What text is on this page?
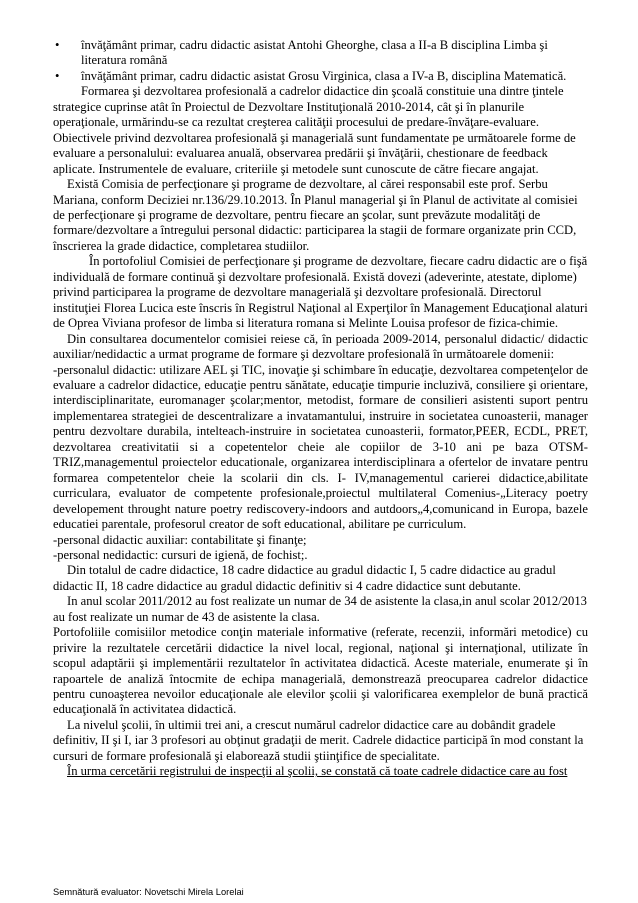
• învăţământ primar, cadru didactic asistat Antohi Gheorghe, clasa a II-a B disciplina Limba şi literatura română
• învăţământ primar, cadru didactic asistat Grosu Virginica, clasa a IV-a B, disciplina Matematică.

Formarea şi dezvoltarea profesională a cadrelor didactice din şcoală constituie una dintre ţintele strategice cuprinse atât în Proiectul de Dezvoltare Instituţională 2010-2014, cât şi în planurile operaţionale, urmărindu-se ca rezultat creşterea calităţii procesului de predare-învăţare-evaluare. Obiectivele privind dezvoltarea profesională şi managerială sunt fundamentate pe următoarele forme de evaluare a personalului: evaluarea anuală, observarea predării şi învăţării, chestionare de feedback aplicate. Instrumentele de evaluare, criteriile şi metodele sunt cunoscute de către fiecare angajat.

Există Comisia de perfecţionare şi programe de dezvoltare, al cărei responsabil este prof. Serbu Mariana, conform Deciziei nr.136/29.10.2013. În Planul managerial şi în Planul de activitate al comisiei de perfecţionare şi programe de dezvoltare, pentru fiecare an şcolar, sunt prevăzute modalităţi de formare/dezvoltare a întregului personal didactic: participarea la stagii de formare organizate prin CCD, înscrierea la grade didactice, completarea studiilor.

În portofoliul Comisiei de perfecţionare şi programe de dezvoltare, fiecare cadru didactic are o fişă individuală de formare continuă şi dezvoltare profesională. Există dovezi (adeverinte, atestate, diplome) privind participarea la programe de dezvoltare managerială şi dezvoltare profesională. Directorul instituţiei Florea Lucica este înscris în Registrul Naţional al Experţilor în Management Educaţional alaturi de Oprea Viviana profesor de limba si literatura romana si Melinte Louisa profesor de fizica-chimie.

Din consultarea documentelor comisiei reiese că, în perioada 2009-2014, personalul didactic/ didactic auxiliar/nedidactic a urmat programe de formare şi dezvoltare profesională în următoarele domenii:

-personalul didactic: utilizare AEL şi TIC, inovaţie şi schimbare în educaţie, dezvoltarea competenţelor de evaluare a cadrelor didactice, educaţie pentru sănătate, educaţie timpurie incluzivă, consiliere şi orientare, interdisciplinaritate, euromanager şcolar;mentor, metodist, formare de consilieri asistenti suport pentru implementarea strategiei de descentralizare a invatamantului, instruire in societatea cunoasterii, manager pentru dezvoltare durabila, intelteach-instruire in societatea cunoasterii, formator,PEER, ECDL, PRET, dezvoltarea creativitatii si a copetentelor cheie ale copiilor de 3-10 ani pe baza OTSM-TRIZ,managementul proiectelor educationale, organizarea interdisciplinara a ofertelor de invatare pentru formarea competentelor cheie la scolarii din cls. I- IV,managementul carierei didactice,abilitate curriculara, evaluator de competente profesionale,proiectul multilateral Comenius-„Literacy poetry developement throught nature poetry rediscovery-indoors and autdoors„4,comunicand in Europa, bazele educatiei parentale, profesorul creator de soft educational, abilitare pe curriculum.

-personal didactic auxiliar: contabilitate şi finanţe;

-personal nedidactic: cursuri de igienă, de fochist;.

Din totalul de cadre didactice, 18 cadre didactice au gradul didactic I, 5 cadre didactice au gradul didactic II, 18 cadre didactice au gradul didactic definitiv si 4 cadre didactice sunt debutante.

In anul scolar 2011/2012 au fost realizate un numar de 34 de asistente la clasa,in anul scolar 2012/2013 au fost realizate un numar de 43 de asistente la clasa.

Portofoliile comisiilor metodice conţin materiale informative (referate, recenzii, informări metodice) cu privire la rezultatele cercetării didactice la nivel local, regional, naţional şi internaţional, utilizate în scopul adaptării şi implementării rezultatelor în activitatea didactică. Aceste materiale, enumerate şi în rapoartele de analiză întocmite de echipa managerială, demonstrează preocuparea cadrelor didactice pentru cunoaşterea nevoilor educaţionale ale elevilor şcolii şi valorificarea exemplelor de bună practică educaţională în activitatea didactică.

La nivelul şcolii, în ultimii trei ani, a crescut numărul cadrelor didactice care au dobândit gradele definitiv, II şi I, iar 3 profesori au obţinut gradaţii de merit. Cadrele didactice participă în mod constant la cursuri de formare profesională şi elaborează studii ştiinţifice de specialitate.

În urma cercetării registrului de inspecţii al şcolii, se constată că toate cadrele didactice care au fost

Semnătură evaluator: Novetschi Mirela Lorelai
